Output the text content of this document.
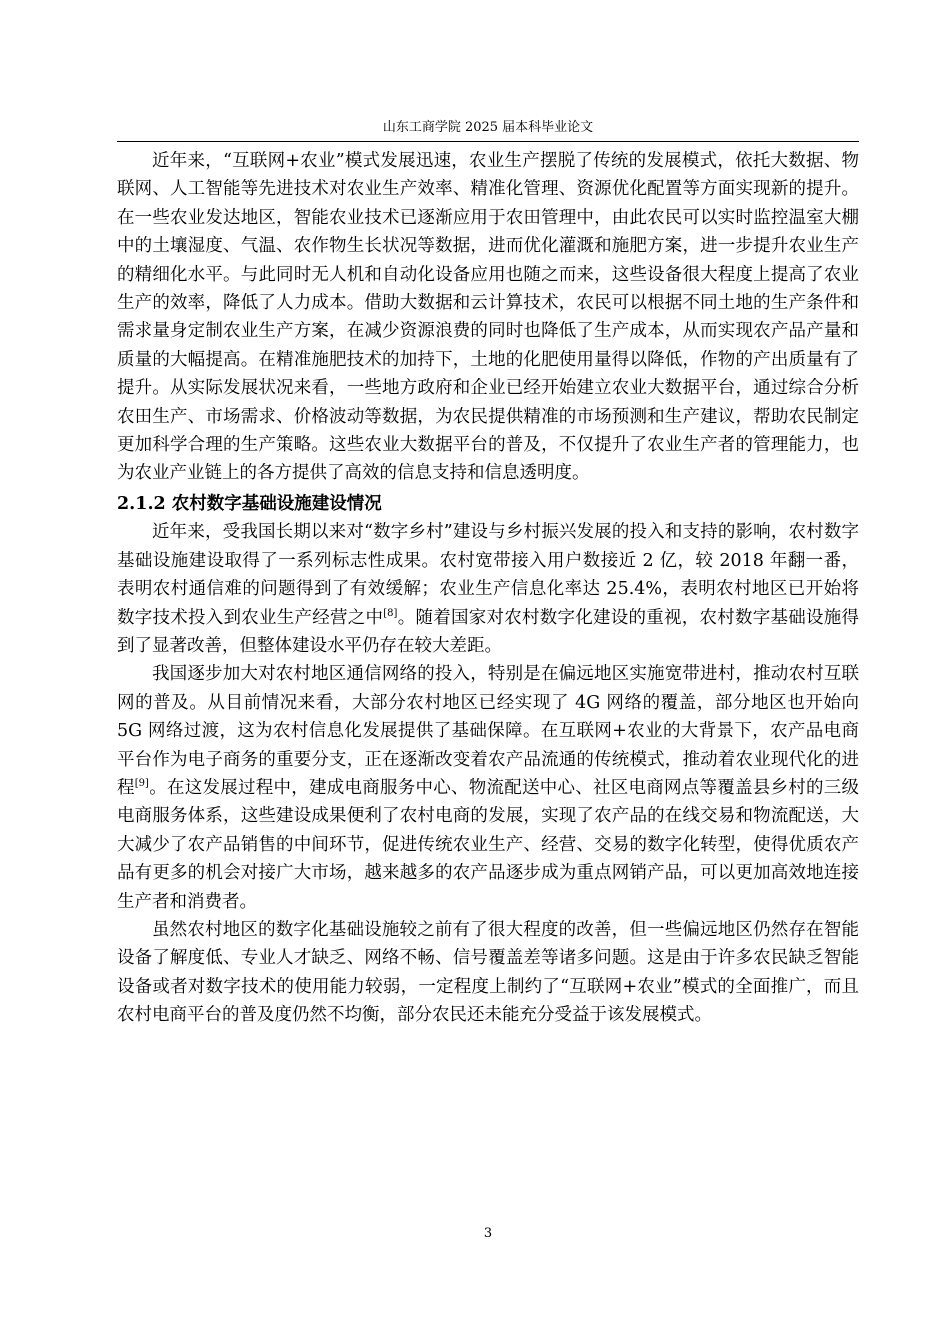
山东工商学院 2025 届本科毕业论文

近年来，“互联网+农业”模式发展迅速，农业生产摆脱了传统的发展模式，依托大数据、物联网、人工智能等先进技术对农业生产效率、精准化管理、资源优化配置等方面实现新的提升。在一些农业发达地区，智能农业技术已逐渐应用于农田管理中，由此农民可以实时监控温室大棚中的土壤湿度、气温、农作物生长状况等数据，进而优化灌溉和施肥方案，进一步提升农业生产的精细化水平。与此同时无人机和自动化设备应用也随之而来，这些设备很大程度上提高了农业生产的效率，降低了人力成本。借助大数据和云计算技术，农民可以根据不同土地的生产条件和需求量身定制农业生产方案，在减少资源浪费的同时也降低了生产成本，从而实现农产品产量和质量的大幅提高。在精准施肥技术的加持下，土地的化肥使用量得以降低，作物的产出质量有了提升。从实际发展状况来看，一些地方政府和企业已经开始建立农业大数据平台，通过综合分析农田生产、市场需求、价格波动等数据，为农民提供精准的市场预测和生产建议，帮助农民制定更加科学合理的生产策略。这些农业大数据平台的普及，不仅提升了农业生产者的管理能力，也为农业产业链上的各方提供了高效的信息支持和信息透明度。

2.1.2 农村数字基础设施建设情况

近年来，受我国长期以来对“数字乡村”建设与乡村振兴发展的投入和支持的影响，农村数字基础设施建设取得了一系列标志性成果。农村宽带接入用户数接近 2 亿，较 2018 年翻一番，表明农村通信难的问题得到了有效缓解；农业生产信息化率达 25.4%，表明农村地区已开始将数字技术投入到农业生产经营之中[8]。随着国家对农村数字化建设的重视，农村数字基础设施得到了显著改善，但整体建设水平仍存在较大差距。

我国逐步加大对农村地区通信网络的投入，特别是在偏远地区实施宽带进村，推动农村互联网的普及。从目前情况来看，大部分农村地区已经实现了 4G 网络的覆盖，部分地区也开始向 5G 网络过渡，这为农村信息化发展提供了基础保障。在互联网+农业的大背景下，农产品电商平台作为电子商务的重要分支，正在逐渐改变着农产品流通的传统模式，推动着农业现代化的进程[9]。在这发展过程中，建成电商服务中心、物流配送中心、社区电商网点等覆盖县乡村的三级电商服务体系，这些建设成果便利了农村电商的发展，实现了农产品的在线交易和物流配送，大大减少了农产品销售的中间环节，促进传统农业生产、经营、交易的数字化转型，使得优质农产品有更多的机会对接广大市场，越来越多的农产品逐步成为重点网销产品，可以更加高效地连接生产者和消费者。

虽然农村地区的数字化基础设施较之前有了很大程度的改善，但一些偏远地区仍然存在智能设备了解度低、专业人才缺乏、网络不畅、信号覆盖差等诸多问题。这是由于许多农民缺乏智能设备或者对数字技术的使用能力较弱，一定程度上制约了“互联网+农业”模式的全面推广，而且农村电商平台的普及度仍然不均衡，部分农民还未能充分受益于该发展模式。

3
